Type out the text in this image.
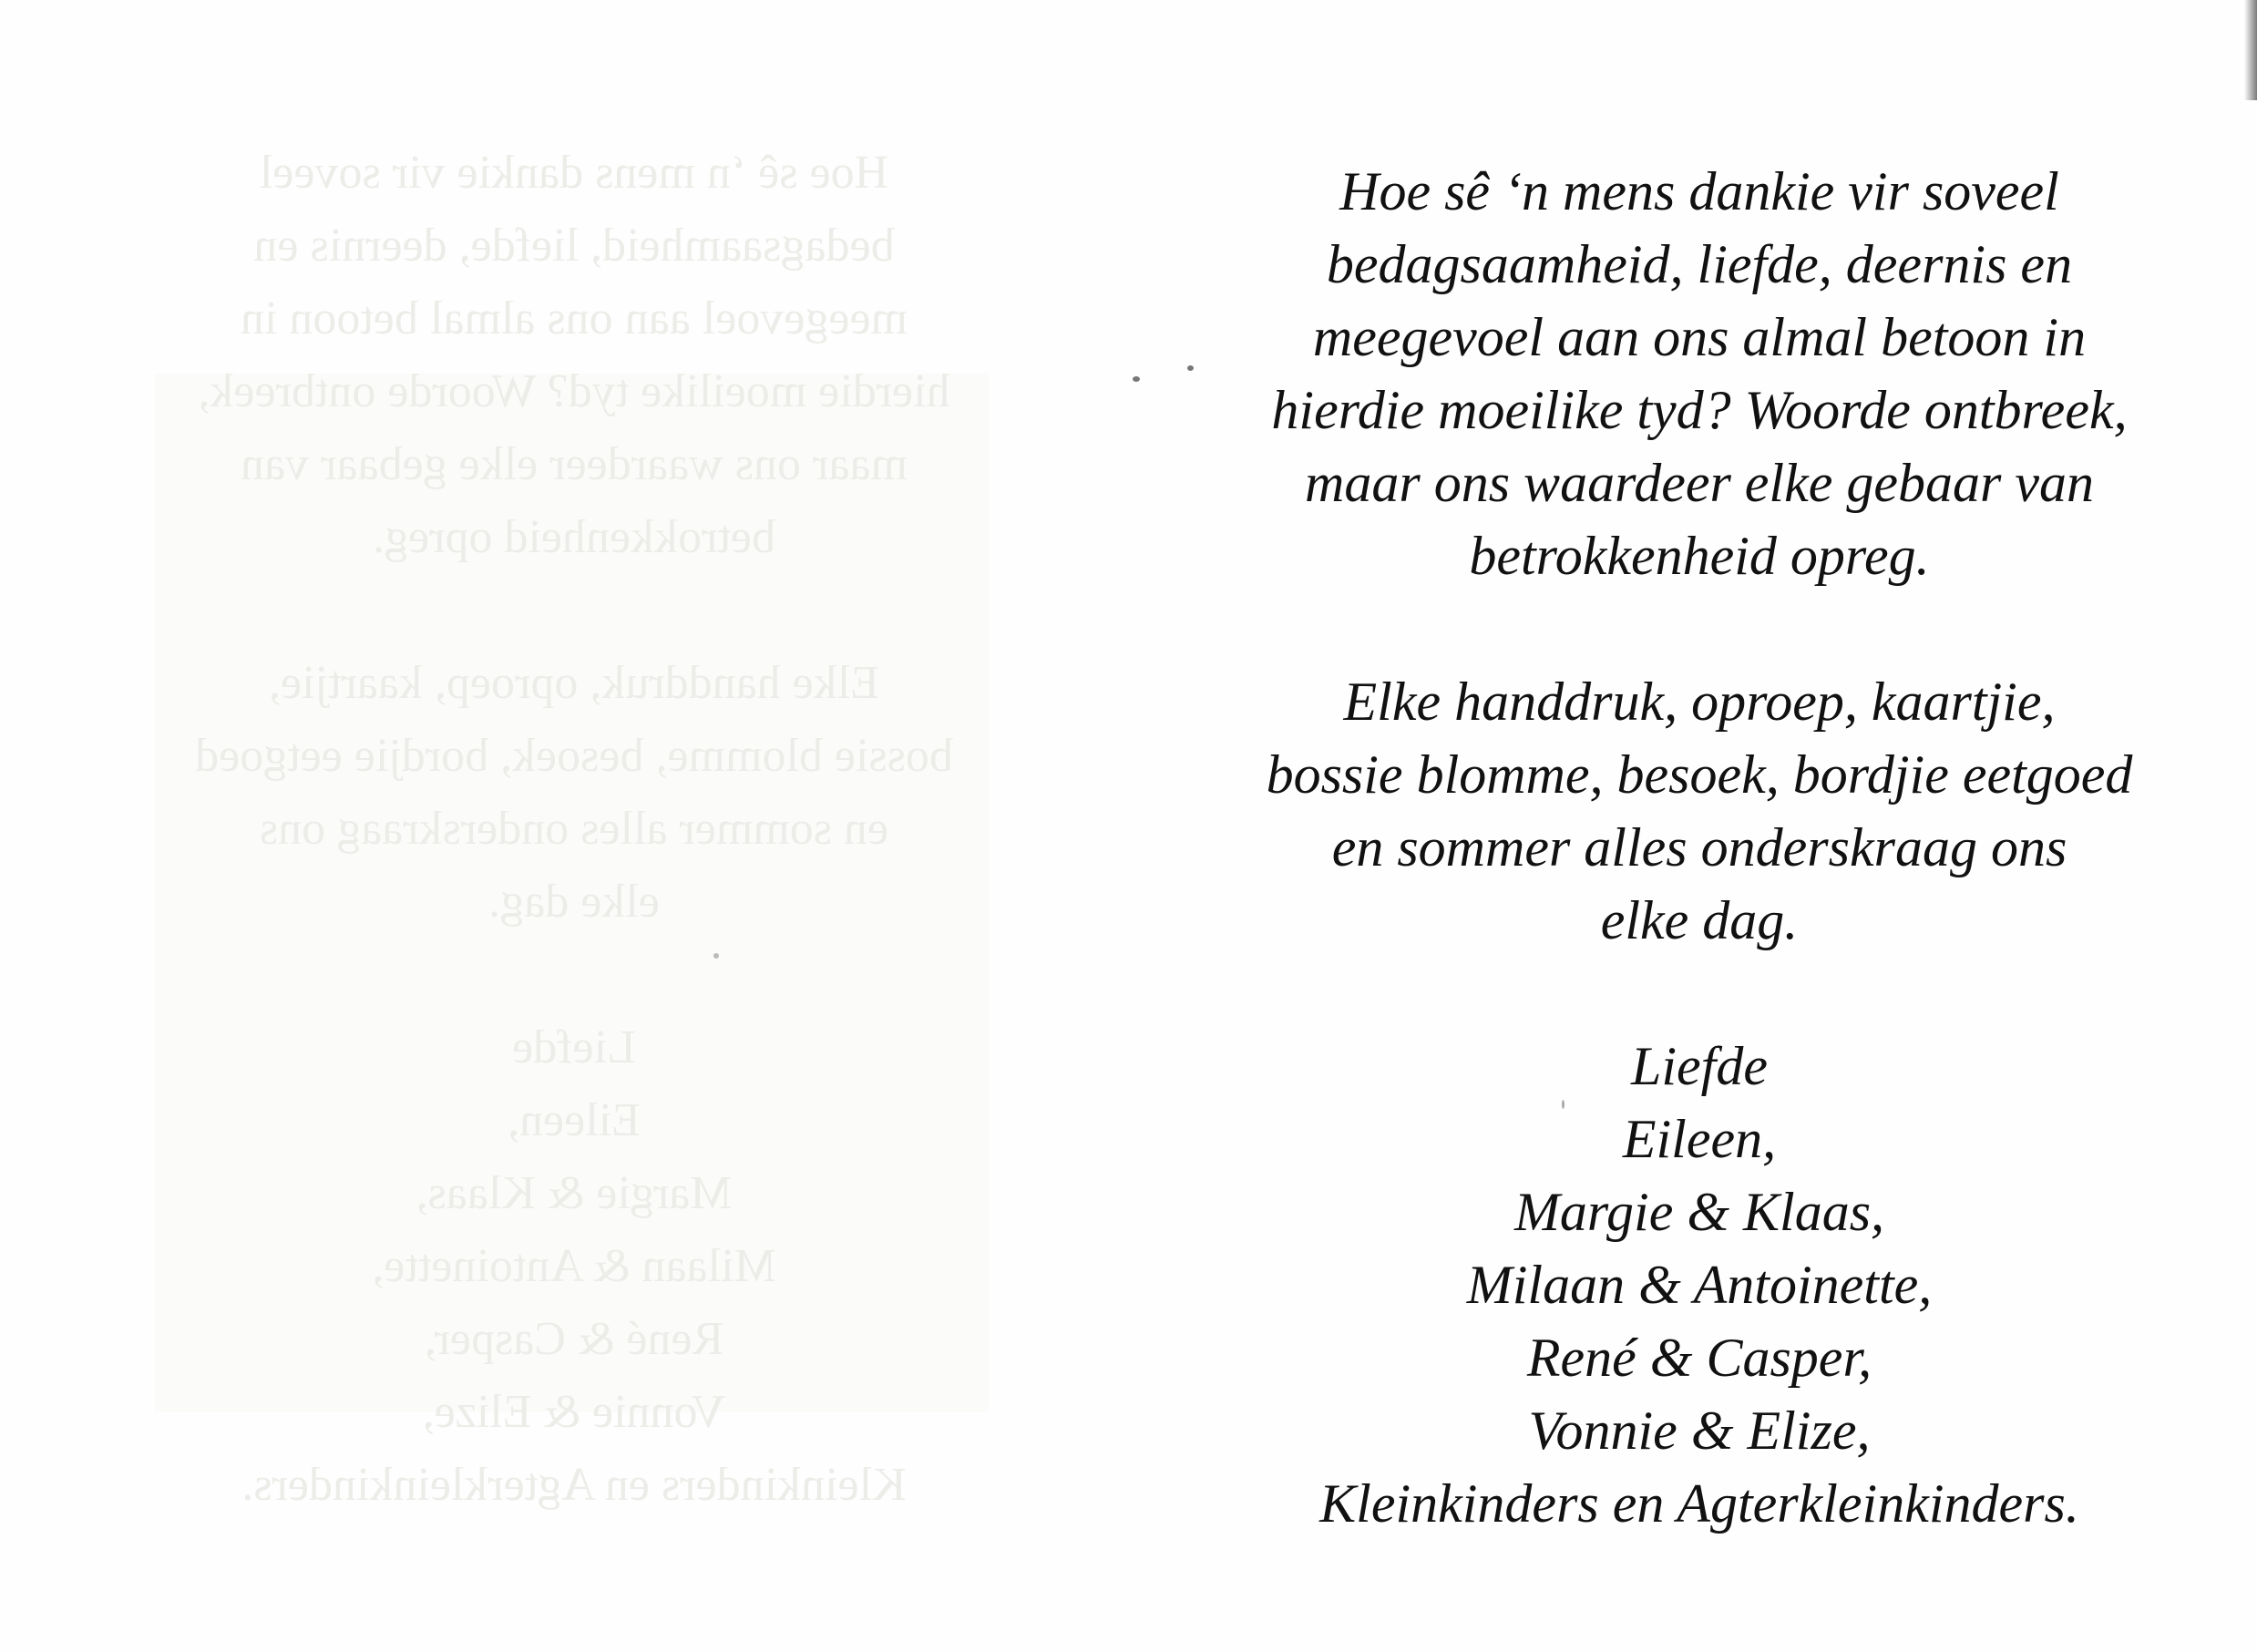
Hoe sê ‘n mens dankie vir soveel
bedagsaamheid, liefde, deernis en
meegevoel aan ons almal betoon in
hierdie moeilike tyd? Woorde ontbreek,
maar ons waardeer elke gebaar van
betrokkenheid opreg.

Elke handdruk, oproep, kaartjie,
bossie blomme, besoek, bordjie eetgoed
en sommer alles onderskraag ons
elke dag.

Liefde
Eileen,
Margie & Klaas,
Milaan & Antoinette,
René & Casper,
Vonnie & Elize,
Kleinkinders en Agterkleinkinders.

Hoe sê ‘n mens dankie vir soveel
bedagsaamheid, liefde, deernis en
meegevoel aan ons almal betoon in
hierdie moeilike tyd? Woorde ontbreek,
maar ons waardeer elke gebaar van
betrokkenheid opreg.
Elke handdruk, oproep, kaartjie,
bossie blomme, besoek, bordjie eetgoed
en sommer alles onderskraag ons
elke dag.
Liefde
Eileen,
Margie & Klaas,
Milaan & Antoinette,
René & Casper,
Vonnie & Elize,
Kleinkinders en Agterkleinkinders.
